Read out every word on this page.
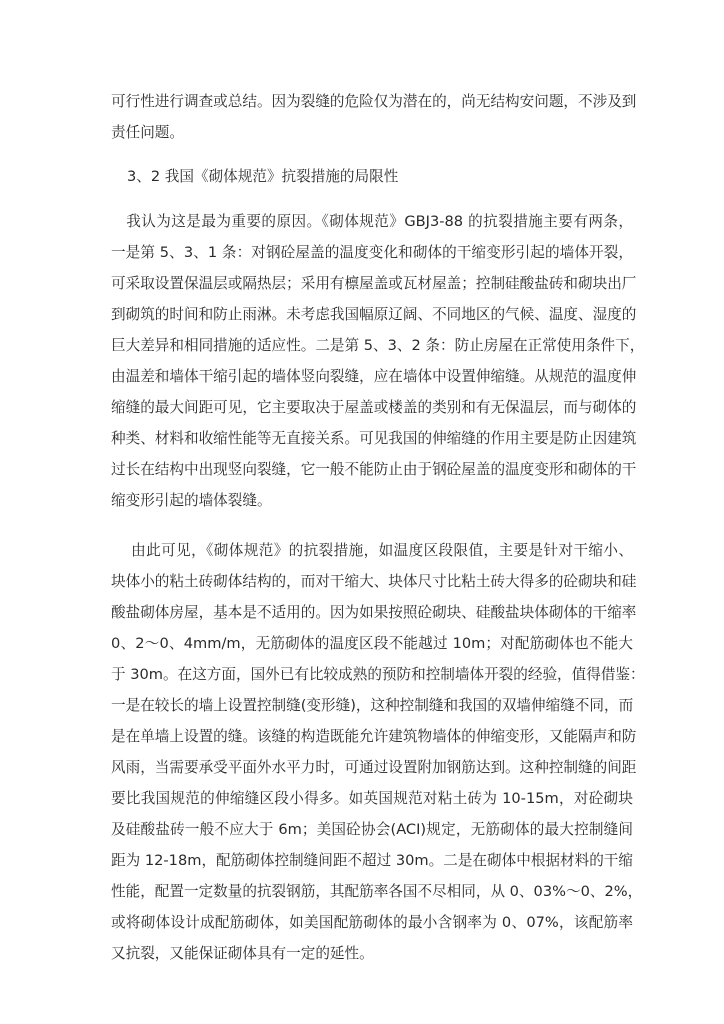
可行性进行调查或总结。因为裂缝的危险仅为潜在的，尚无结构安问题，不涉及到
责任问题。
3、2 我国《砌体规范》抗裂措施的局限性
我认为这是最为重要的原因。《砌体规范》GBJ3-88 的抗裂措施主要有两条，
一是第 5、3、1 条：对钢砼屋盖的温度变化和砌体的干缩变形引起的墙体开裂，
可采取设置保温层或隔热层；采用有檩屋盖或瓦材屋盖；控制硅酸盐砖和砌块出厂
到砌筑的时间和防止雨淋。未考虑我国幅原辽阔、不同地区的气候、温度、湿度的
巨大差异和相同措施的适应性。二是第 5、3、2 条：防止房屋在正常使用条件下，
由温差和墙体干缩引起的墙体竖向裂缝，应在墙体中设置伸缩缝。从规范的温度伸
缩缝的最大间距可见，它主要取决于屋盖或楼盖的类别和有无保温层，而与砌体的
种类、材料和收缩性能等无直接关系。可见我国的伸缩缝的作用主要是防止因建筑
过长在结构中出现竖向裂缝，它一般不能防止由于钢砼屋盖的温度变形和砌体的干
缩变形引起的墙体裂缝。
由此可见，《砌体规范》的抗裂措施，如温度区段限值，主要是针对干缩小、
块体小的粘土砖砌体结构的，而对干缩大、块体尺寸比粘土砖大得多的砼砌块和硅
酸盐砌体房屋，基本是不适用的。因为如果按照砼砌块、硅酸盐块体砌体的干缩率
0、2～0、4mm/m，无筋砌体的温度区段不能越过 10m；对配筋砌体也不能大
于 30m。在这方面，国外已有比较成熟的预防和控制墙体开裂的经验，值得借鉴：
一是在较长的墙上设置控制缝(变形缝)，这种控制缝和我国的双墙伸缩缝不同，而
是在单墙上设置的缝。该缝的构造既能允许建筑物墙体的伸缩变形，又能隔声和防
风雨，当需要承受平面外水平力时，可通过设置附加钢筋达到。这种控制缝的间距
要比我国规范的伸缩缝区段小得多。如英国规范对粘土砖为 10-15m，对砼砌块
及硅酸盐砖一般不应大于 6m；美国砼协会(ACI)规定，无筋砌体的最大控制缝间
距为 12-18m，配筋砌体控制缝间距不超过 30m。二是在砌体中根据材料的干缩
性能，配置一定数量的抗裂钢筋，其配筋率各国不尽相同，从 0、03%～0、2%，
或将砌体设计成配筋砌体，如美国配筋砌体的最小含钢率为 0、07%，该配筋率
又抗裂，又能保证砌体具有一定的延性。
